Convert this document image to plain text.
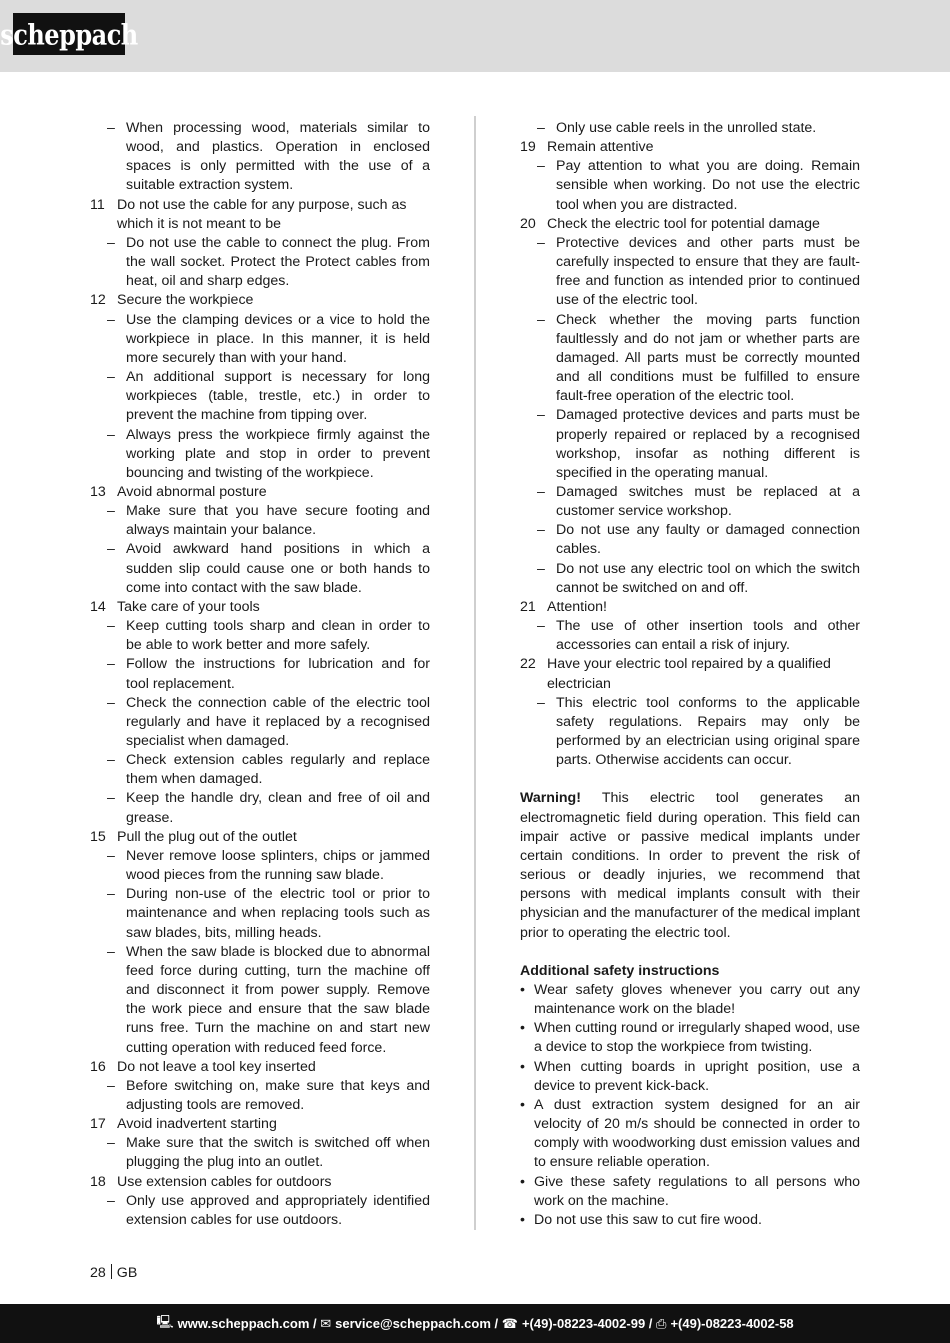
scheppach
– When processing wood, materials similar to wood, and plastics. Operation in enclosed spaces is only permitted with the use of a suitable extraction system.
11 Do not use the cable for any purpose, such as which it is not meant to be
– Do not use the cable to connect the plug. From the wall socket. Protect the Protect cables from heat, oil and sharp edges.
12 Secure the workpiece
– Use the clamping devices or a vice to hold the workpiece in place. In this manner, it is held more securely than with your hand.
– An additional support is necessary for long workpieces (table, trestle, etc.) in order to prevent the machine from tipping over.
– Always press the workpiece firmly against the working plate and stop in order to prevent bouncing and twisting of the workpiece.
13 Avoid abnormal posture
– Make sure that you have secure footing and always maintain your balance.
– Avoid awkward hand positions in which a sudden slip could cause one or both hands to come into contact with the saw blade.
14 Take care of your tools
– Keep cutting tools sharp and clean in order to be able to work better and more safely.
– Follow the instructions for lubrication and for tool replacement.
– Check the connection cable of the electric tool regularly and have it replaced by a recognised specialist when damaged.
– Check extension cables regularly and replace them when damaged.
– Keep the handle dry, clean and free of oil and grease.
15 Pull the plug out of the outlet
– Never remove loose splinters, chips or jammed wood pieces from the running saw blade.
– During non-use of the electric tool or prior to maintenance and when replacing tools such as saw blades, bits, milling heads.
– When the saw blade is blocked due to abnormal feed force during cutting, turn the machine off and disconnect it from power supply. Remove the work piece and ensure that the saw blade runs free. Turn the machine on and start new cutting operation with reduced feed force.
16 Do not leave a tool key inserted
– Before switching on, make sure that keys and adjusting tools are removed.
17 Avoid inadvertent starting
– Make sure that the switch is switched off when plugging the plug into an outlet.
18 Use extension cables for outdoors
– Only use approved and appropriately identified extension cables for use outdoors.
– Only use cable reels in the unrolled state.
19 Remain attentive
– Pay attention to what you are doing. Remain sensible when working. Do not use the electric tool when you are distracted.
20 Check the electric tool for potential damage
– Protective devices and other parts must be carefully inspected to ensure that they are fault-free and function as intended prior to continued use of the electric tool.
– Check whether the moving parts function faultlessly and do not jam or whether parts are damaged. All parts must be correctly mounted and all conditions must be fulfilled to ensure fault-free operation of the electric tool.
– Damaged protective devices and parts must be properly repaired or replaced by a recognised workshop, insofar as nothing different is specified in the operating manual.
– Damaged switches must be replaced at a customer service workshop.
– Do not use any faulty or damaged connection cables.
– Do not use any electric tool on which the switch cannot be switched on and off.
21 Attention!
– The use of other insertion tools and other accessories can entail a risk of injury.
22 Have your electric tool repaired by a qualified electrician
– This electric tool conforms to the applicable safety regulations. Repairs may only be performed by an electrician using original spare parts. Otherwise accidents can occur.
Warning! This electric tool generates an electromagnetic field during operation. This field can impair active or passive medical implants under certain conditions. In order to prevent the risk of serious or deadly injuries, we recommend that persons with medical implants consult with their physician and the manufacturer of the medical implant prior to operating the electric tool.
Additional safety instructions
• Wear safety gloves whenever you carry out any maintenance work on the blade!
• When cutting round or irregularly shaped wood, use a device to stop the workpiece from twisting.
• When cutting boards in upright position, use a device to prevent kick-back.
• A dust extraction system designed for an air velocity of 20 m/s should be connected in order to comply with woodworking dust emission values and to ensure reliable operation.
• Give these safety regulations to all persons who work on the machine.
• Do not use this saw to cut fire wood.
28 GB
🖳 www.scheppach.com / ✉ service@scheppach.com / ☎ +(49)-08223-4002-99 / ⎙ +(49)-08223-4002-58
